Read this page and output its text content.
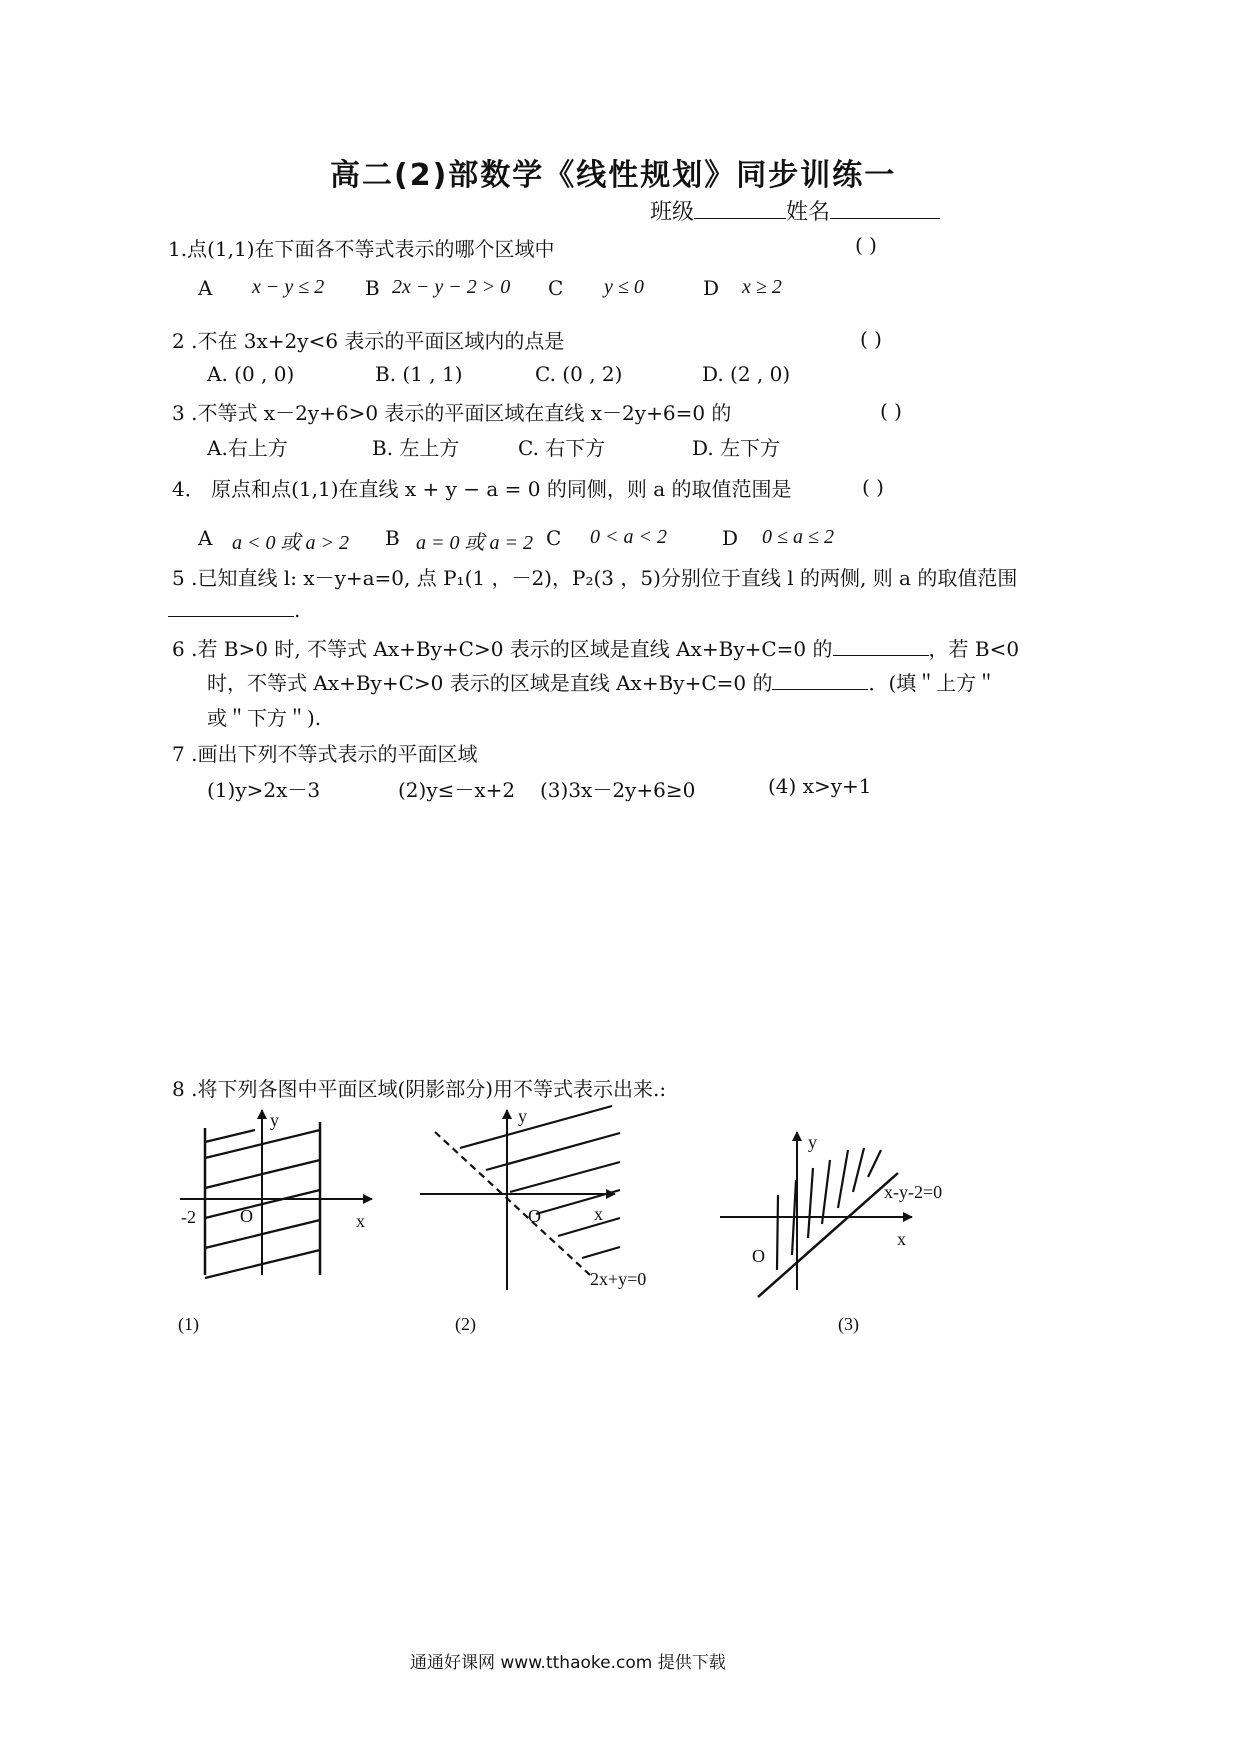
高二(2)部数学《线性规划》同步训练一
班级	姓名
1.点(1,1)在下面各不等式表示的哪个区域中	( )
A x − y ≤ 2 B 2x − y − 2 > 0 C y ≤ 0	D x ≥ 2
2 .不在 3x+2y<6 表示的平面区域内的点是	( )
A. (0 , 0)	B. (1 , 1)	C. (0 , 2)	D. (2 , 0)
3 .不等式 x－2y+6>0 表示的平面区域在直线 x－2y+6=0 的	( )
A.右上方	B. 左上方	C. 右下方	D. 左下方
4． 原点和点(1,1)在直线 x + y − a = 0 的同侧，则 a 的取值范围是	( )
A a < 0 或 a > 2 B a = 0 或 a = 2 C 0 < a < 2	D 0 ≤ a ≤ 2
5 .已知直线 l: x－y+a=0, 点 P₁(1 ，－2)，P₂(3 ，5)分别位于直线 l 的两侧, 则 a 的取值范围
.
6 .若 B>0 时, 不等式 Ax+By+C>0 表示的区域是直线 Ax+By+C=0 的	，若 B<0
时，不等式 Ax+By+C>0 表示的区域是直线 Ax+By+C=0 的	．(填＂上方＂
或＂下方＂).
7 .画出下列不等式表示的平面区域
(1)y>2x－3	(2)y≤－x+2 (3)3x－2y+6≥0	(4) x>y+1
8 .将下列各图中平面区域(阴影部分)用不等式表示出来.:
y
x
O
-2
(1)
y
x
O
2x+y=0
(2)
y
x
O
x-y-2=0
(3)
通通好课网 www.tthaoke.com 提供下载
